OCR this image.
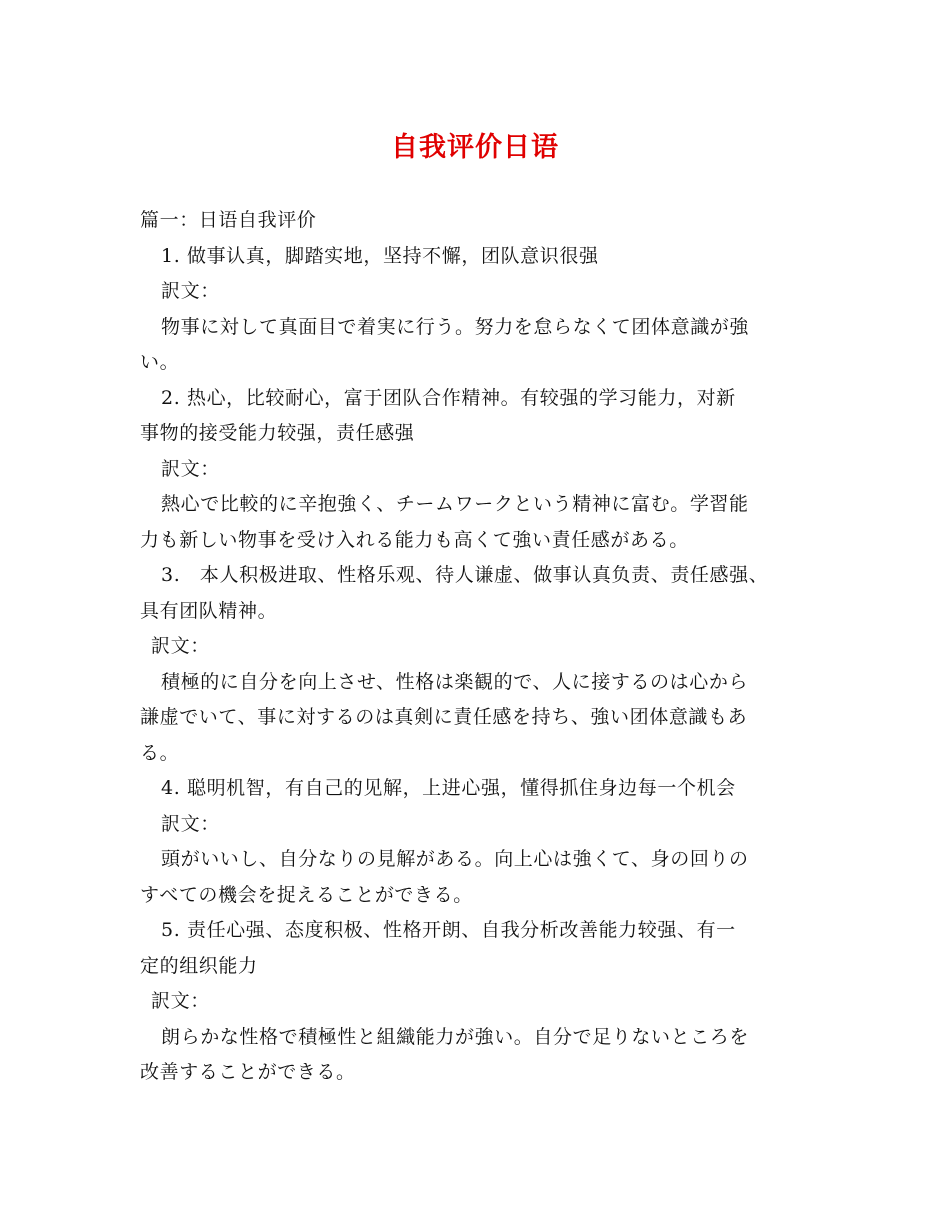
自我评价日语
篇一：日语自我评价
1. 做事认真，脚踏实地，坚持不懈，团队意识很强
訳文：
物事に対して真面目で着実に行う。努力を怠らなくて团体意識が強
い。
2. 热心，比较耐心，富于团队合作精神。有较强的学习能力，对新
事物的接受能力较强，责任感强
訳文：
熱心で比較的に辛抱強く、チームワークという精神に富む。学習能
力も新しい物事を受け入れる能力も高くて強い責任感がある。
3.　本人积极进取、性格乐观、待人谦虚、做事认真负责、责任感强、
具有团队精神。
訳文：
積極的に自分を向上させ、性格は楽観的で、人に接するのは心から
謙虚でいて、事に対するのは真剣に責任感を持ち、強い团体意識もあ
る。
4. 聪明机智，有自己的见解，上进心强，懂得抓住身边每一个机会
訳文：
頭がいいし、自分なりの見解がある。向上心は強くて、身の回りの
すべての機会を捉えることができる。
5. 责任心强、态度积极、性格开朗、自我分析改善能力较强、有一
定的组织能力
訳文：
朗らかな性格で積極性と組織能力が強い。自分で足りないところを
改善することができる。
